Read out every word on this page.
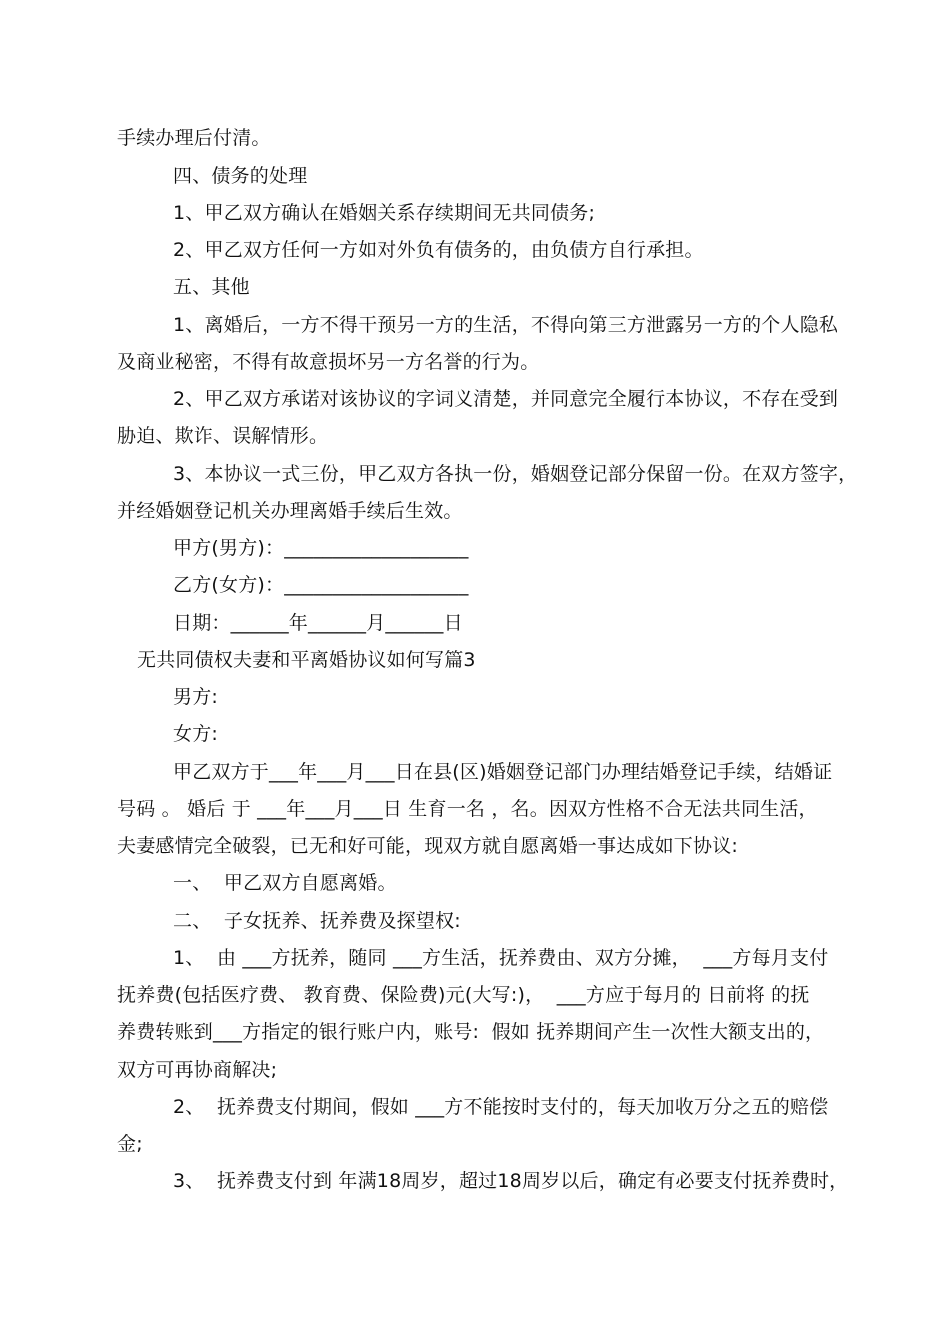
手续办理后付清。
四、债务的处理
1、甲乙双方确认在婚姻关系存续期间无共同债务;
2、甲乙双方任何一方如对外负有债务的，由负债方自行承担。
五、其他
1、离婚后，一方不得干预另一方的生活，不得向第三方泄露另一方的个人隐私
及商业秘密，不得有故意损坏另一方名誉的行为。
2、甲乙双方承诺对该协议的字词义清楚，并同意完全履行本协议，不存在受到
胁迫、欺诈、误解情形。
3、本协议一式三份，甲乙双方各执一份，婚姻登记部分保留一份。在双方签字，
并经婚姻登记机关办理离婚手续后生效。
甲方(男方)：___________________
乙方(女方)：___________________
日期：______年______月______日
无共同债权夫妻和平离婚协议如何写篇3
男方:
女方:
甲乙双方于___年___月___日在县(区)婚姻登记部门办理结婚登记手续，结婚证
号码 。 婚后 于 ___年___月___日 生育一名 ，名。因双方性格不合无法共同生活，
夫妻感情完全破裂，已无和好可能，现双方就自愿离婚一事达成如下协议:
一、  甲乙双方自愿离婚。
二、  子女抚养、抚养费及探望权:
1、  由 ___方抚养，随同 ___方生活，抚养费由、双方分摊，  ___方每月支付
抚养费(包括医疗费、 教育费、保险费)元(大写:)，  ___方应于每月的 日前将 的抚
养费转账到___方指定的银行账户内，账号:  假如 抚养期间产生一次性大额支出的，
双方可再协商解决;
2、  抚养费支付期间，假如 ___方不能按时支付的，每天加收万分之五的赔偿
金;
3、  抚养费支付到 年满18周岁，超过18周岁以后，确定有必要支付抚养费时，
